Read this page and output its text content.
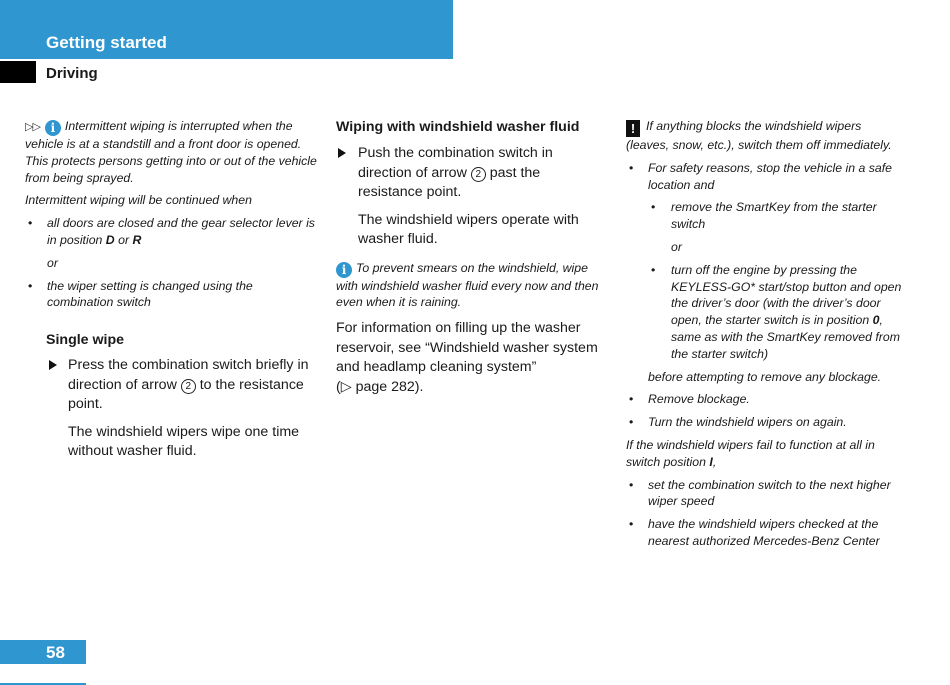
Getting started
Driving

▷▷ i Intermittent wiping is interrupted when the vehicle is at a standstill and a front door is opened. This protects persons getting into or out of the vehicle from being sprayed.

Intermittent wiping will be continued when

• all doors are closed and the gear selector lever is in position D or R

or

• the wiper setting is changed using the combination switch

Single wipe

Press the combination switch briefly in direction of arrow 2 to the resistance point.

The windshield wipers wipe one time without washer fluid.

Wiping with windshield washer fluid

Push the combination switch in direction of arrow 2 past the resistance point.

The windshield wipers operate with washer fluid.

i To prevent smears on the windshield, wipe with windshield washer fluid every now and then even when it is raining.

For information on filling up the washer reservoir, see “Windshield washer system and headlamp cleaning system”
(▷ page 282).

! If anything blocks the windshield wipers (leaves, snow, etc.), switch them off immediately.

• For safety reasons, stop the vehicle in a safe location and

• remove the SmartKey from the starter switch

or

• turn off the engine by pressing the KEYLESS-GO* start/stop button and open the driver’s door (with the driver’s door open, the starter switch is in position 0, same as with the SmartKey removed from the starter switch)

before attempting to remove any blockage.

• Remove blockage.

• Turn the windshield wipers on again.

If the windshield wipers fail to function at all in switch position I,

• set the combination switch to the next higher wiper speed

• have the windshield wipers checked at the nearest authorized Mercedes-Benz Center

58
